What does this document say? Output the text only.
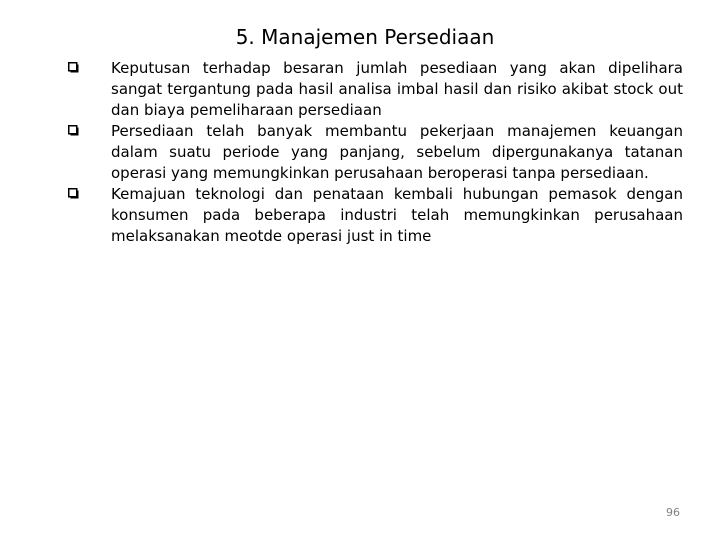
5. Manajemen Persediaan
Keputusan terhadap besaran jumlah pesediaan yang akan dipelihara sangat tergantung pada hasil analisa imbal hasil dan risiko akibat stock out dan biaya pemeliharaan persediaan
Persediaan telah banyak membantu pekerjaan manajemen keuangan dalam suatu periode yang panjang, sebelum dipergunakanya tatanan operasi yang memungkinkan perusahaan beroperasi tanpa persediaan.
Kemajuan teknologi dan penataan kembali hubungan pemasok dengan konsumen pada beberapa industri telah memungkinkan perusahaan melaksanakan meotde operasi just in time
96
